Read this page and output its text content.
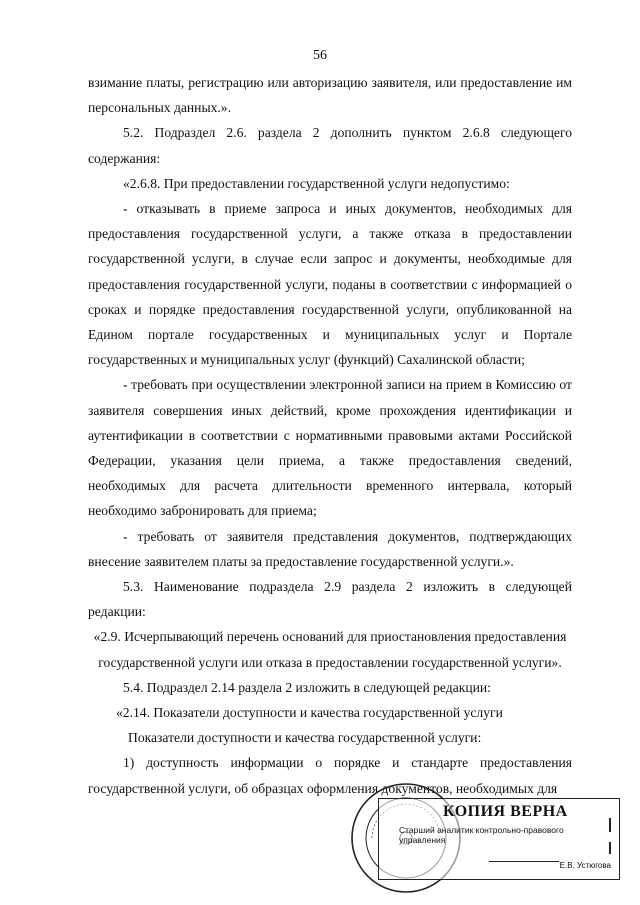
56

взимание платы, регистрацию или авторизацию заявителя, или предоставление им персональных данных.».

5.2. Подраздел 2.6. раздела 2 дополнить пунктом 2.6.8 следующего содержания:

«2.6.8. При предоставлении государственной услуги недопустимо:

- отказывать в приеме запроса и иных документов, необходимых для предоставления государственной услуги, а также отказа в предоставлении государственной услуги, в случае если запрос и документы, необходимые для предоставления государственной услуги, поданы в соответствии с информацией о сроках и порядке предоставления государственной услуги, опубликованной на Едином портале государственных и муниципальных услуг и Портале государственных и муниципальных услуг (функций) Сахалинской области;

- требовать при осуществлении электронной записи на прием в Комиссию от заявителя совершения иных действий, кроме прохождения идентификации и аутентификации в соответствии с нормативными правовыми актами Российской Федерации, указания цели приема, а также предоставления сведений, необходимых для расчета длительности временного интервала, который необходимо забронировать для приема;

- требовать от заявителя представления документов, подтверждающих внесение заявителем платы за предоставление государственной услуги.».

5.3. Наименование подраздела 2.9 раздела 2 изложить в следующей редакции:

«2.9. Исчерпывающий перечень оснований для приостановления предоставления государственной услуги или отказа в предоставлении государственной услуги».

5.4. Подраздел 2.14 раздела 2 изложить в следующей редакции:

«2.14. Показатели доступности и качества государственной услуги

Показатели доступности и качества государственной услуги:

1) доступность информации о порядке и стандарте предоставления государственной услуги, об образцах оформления документов, необходимых для

КОПИЯ ВЕРНА
Старший аналитик контрольно-правового управления
Е.В. Устюгова
